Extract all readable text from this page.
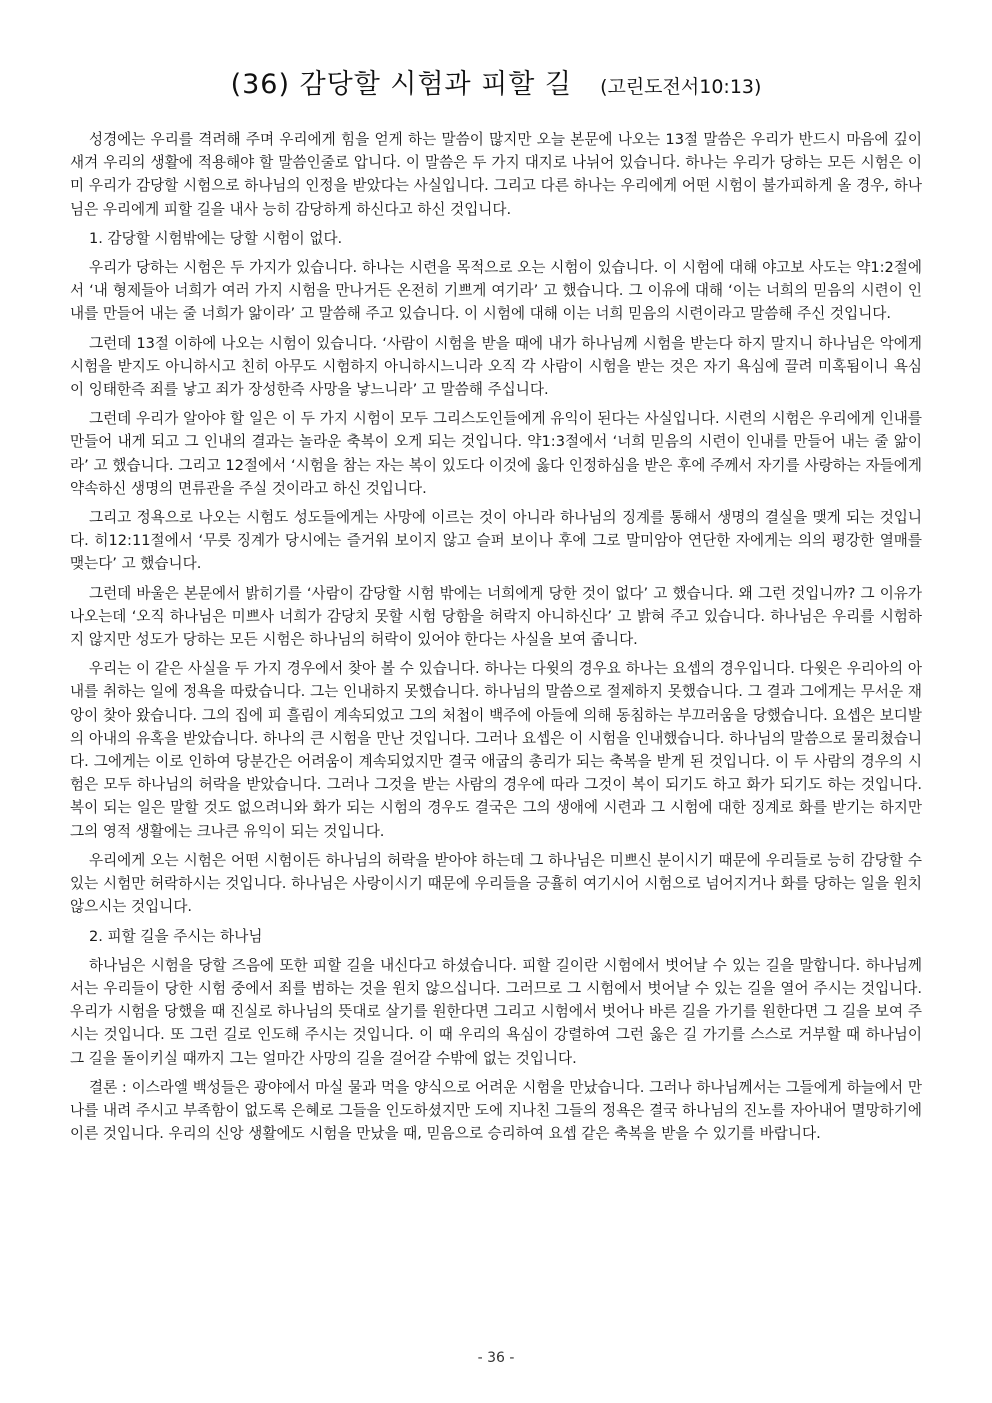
(36) 감당할 시험과 피할 길 (고린도전서10:13)

성경에는 우리를 격려해 주며 우리에게 힘을 얻게 하는 말씀이 많지만 오늘 본문에 나오는 13절 말씀은 우리가 반드시 마음에 깊이 새겨 우리의 생활에 적용해야 할 말씀인줄로 압니다. 이 말씀은 두 가지 대지로 나뉘어 있습니다. 하나는 우리가 당하는 모든 시험은 이미 우리가 감당할 시험으로 하나님의 인정을 받았다는 사실입니다. 그리고 다른 하나는 우리에게 어떤 시험이 불가피하게 올 경우, 하나님은 우리에게 피할 길을 내사 능히 감당하게 하신다고 하신 것입니다.

1. 감당할 시험밖에는 당할 시험이 없다.

우리가 당하는 시험은 두 가지가 있습니다. 하나는 시련을 목적으로 오는 시험이 있습니다. 이 시험에 대해 야고보 사도는 약1:2절에서 ‘내 형제들아 너희가 여러 가지 시험을 만나거든 온전히 기쁘게 여기라’ 고 했습니다. 그 이유에 대해 ‘이는 너희의 믿음의 시련이 인내를 만들어 내는 줄 너희가 앎이라’ 고 말씀해 주고 있습니다. 이 시험에 대해 이는 너희 믿음의 시련이라고 말씀해 주신 것입니다.

그런데 13절 이하에 나오는 시험이 있습니다. ‘사람이 시험을 받을 때에 내가 하나님께 시험을 받는다 하지 말지니 하나님은 악에게 시험을 받지도 아니하시고 친히 아무도 시험하지 아니하시느니라 오직 각 사람이 시험을 받는 것은 자기 욕심에 끌려 미혹됨이니 욕심이 잉태한즉 죄를 낳고 죄가 장성한즉 사망을 낳느니라’ 고 말씀해 주십니다.

그런데 우리가 알아야 할 일은 이 두 가지 시험이 모두 그리스도인들에게 유익이 된다는 사실입니다. 시련의 시험은 우리에게 인내를 만들어 내게 되고 그 인내의 결과는 놀라운 축복이 오게 되는 것입니다. 약1:3절에서 ‘너희 믿음의 시련이 인내를 만들어 내는 줄 앎이라’ 고 했습니다. 그리고 12절에서 ‘시험을 참는 자는 복이 있도다 이것에 옳다 인정하심을 받은 후에 주께서 자기를 사랑하는 자들에게 약속하신 생명의 면류관을 주실 것이라고 하신 것입니다.

그리고 정욕으로 나오는 시험도 성도들에게는 사망에 이르는 것이 아니라 하나님의 징계를 통해서 생명의 결실을 맺게 되는 것입니다. 히12:11절에서 ‘무릇 징계가 당시에는 즐거워 보이지 않고 슬퍼 보이나 후에 그로 말미암아 연단한 자에게는 의의 평강한 열매를 맺는다’ 고 했습니다.

그런데 바울은 본문에서 밝히기를 ‘사람이 감당할 시험 밖에는 너희에게 당한 것이 없다’ 고 했습니다. 왜 그런 것입니까? 그 이유가 나오는데 ‘오직 하나님은 미쁘사 너희가 감당치 못할 시험 당함을 허락지 아니하신다’ 고 밝혀 주고 있습니다. 하나님은 우리를 시험하지 않지만 성도가 당하는 모든 시험은 하나님의 허락이 있어야 한다는 사실을 보여 줍니다.

우리는 이 같은 사실을 두 가지 경우에서 찾아 볼 수 있습니다. 하나는 다윗의 경우요 하나는 요셉의 경우입니다. 다윗은 우리아의 아내를 취하는 일에 정욕을 따랐습니다. 그는 인내하지 못했습니다. 하나님의 말씀으로 절제하지 못했습니다. 그 결과 그에게는 무서운 재앙이 찾아 왔습니다. 그의 집에 피 흘림이 계속되었고 그의 처첩이 백주에 아들에 의해 동침하는 부끄러움을 당했습니다. 요셉은 보디발의 아내의 유혹을 받았습니다. 하나의 큰 시험을 만난 것입니다. 그러나 요셉은 이 시험을 인내했습니다. 하나님의 말씀으로 물리쳤습니다. 그에게는 이로 인하여 당분간은 어려움이 계속되었지만 결국 애굽의 총리가 되는 축복을 받게 된 것입니다. 이 두 사람의 경우의 시험은 모두 하나님의 허락을 받았습니다. 그러나 그것을 받는 사람의 경우에 따라 그것이 복이 되기도 하고 화가 되기도 하는 것입니다. 복이 되는 일은 말할 것도 없으려니와 화가 되는 시험의 경우도 결국은 그의 생애에 시련과 그 시험에 대한 징계로 화를 받기는 하지만 그의 영적 생활에는 크나큰 유익이 되는 것입니다.

우리에게 오는 시험은 어떤 시험이든 하나님의 허락을 받아야 하는데 그 하나님은 미쁘신 분이시기 때문에 우리들로 능히 감당할 수 있는 시험만 허락하시는 것입니다. 하나님은 사랑이시기 때문에 우리들을 긍휼히 여기시어 시험으로 넘어지거나 화를 당하는 일을 원치 않으시는 것입니다.

2. 피할 길을 주시는 하나님

하나님은 시험을 당할 즈음에 또한 피할 길을 내신다고 하셨습니다. 피할 길이란 시험에서 벗어날 수 있는 길을 말합니다. 하나님께서는 우리들이 당한 시험 중에서 죄를 범하는 것을 원치 않으십니다. 그러므로 그 시험에서 벗어날 수 있는 길을 열어 주시는 것입니다. 우리가 시험을 당했을 때 진실로 하나님의 뜻대로 살기를 원한다면 그리고 시험에서 벗어나 바른 길을 가기를 원한다면 그 길을 보여 주시는 것입니다. 또 그런 길로 인도해 주시는 것입니다. 이 때 우리의 욕심이 강렬하여 그런 옳은 길 가기를 스스로 거부할 때 하나님이 그 길을 돌이키실 때까지 그는 얼마간 사망의 길을 걸어갈 수밖에 없는 것입니다.

결론 : 이스라엘 백성들은 광야에서 마실 물과 먹을 양식으로 어려운 시험을 만났습니다. 그러나 하나님께서는 그들에게 하늘에서 만나를 내려 주시고 부족함이 없도록 은혜로 그들을 인도하셨지만 도에 지나친 그들의 정욕은 결국 하나님의 진노를 자아내어 멸망하기에 이른 것입니다. 우리의 신앙 생활에도 시험을 만났을 때, 믿음으로 승리하여 요셉 같은 축복을 받을 수 있기를 바랍니다.

- 36 -
